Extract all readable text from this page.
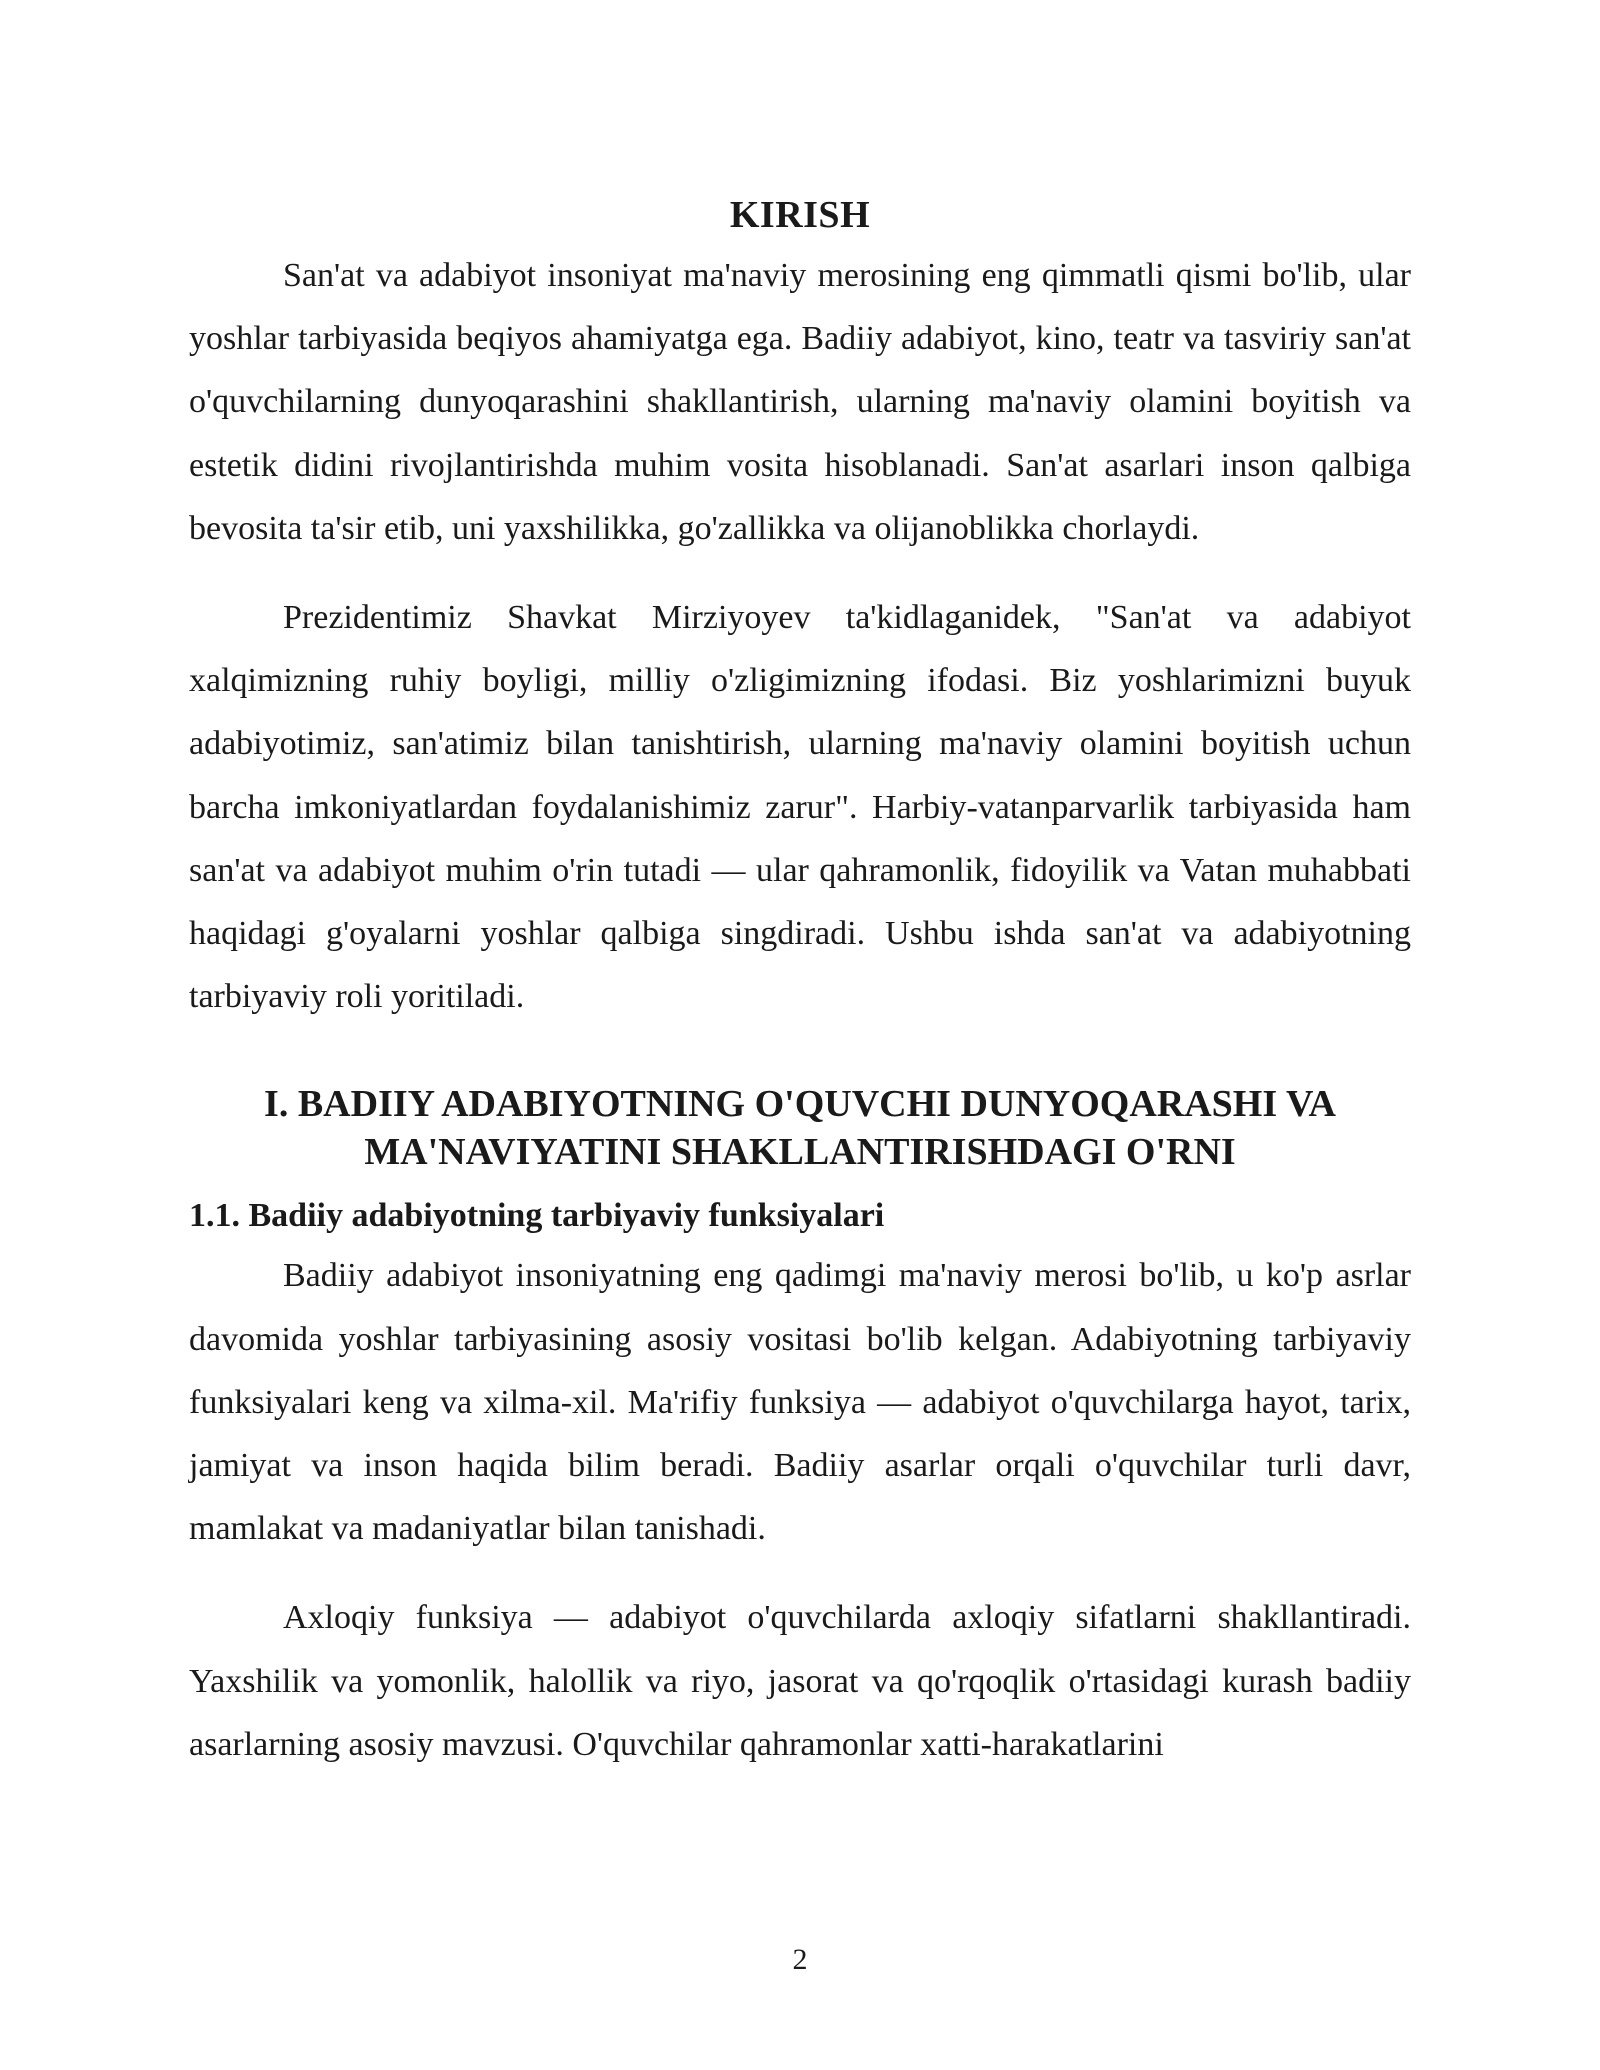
KIRISH

San'at va adabiyot insoniyat ma'naviy merosining eng qimmatli qismi bo'lib, ular yoshlar tarbiyasida beqiyos ahamiyatga ega. Badiiy adabiyot, kino, teatr va tasviriy san'at o'quvchilarning dunyoqarashini shakllantirish, ularning ma'naviy olamini boyitish va estetik didini rivojlantirishda muhim vosita hisoblanadi. San'at asarlari inson qalbiga bevosita ta'sir etib, uni yaxshilikka, go'zallikka va olijanoblikka chorlaydi.

Prezidentimiz Shavkat Mirziyoyev ta'kidlaganidek, "San'at va adabiyot xalqimizning ruhiy boyligi, milliy o'zligimizning ifodasi. Biz yoshlarimizni buyuk adabiyotimiz, san'atimiz bilan tanishtirish, ularning ma'naviy olamini boyitish uchun barcha imkoniyatlardan foydalanishimiz zarur". Harbiy-vatanparvarlik tarbiyasida ham san'at va adabiyot muhim o'rin tutadi — ular qahramonlik, fidoyilik va Vatan muhabbati haqidagi g'oyalarni yoshlar qalbiga singdiradi. Ushbu ishda san'at va adabiyotning tarbiyaviy roli yoritiladi.

I. BADIIY ADABIYOTNING O'QUVCHI DUNYOQARASHI VA
MA'NAVIYATINI SHAKLLANTIRISHDAGI O'RNI
1.1. Badiiy adabiyotning tarbiyaviy funksiyalari

Badiiy adabiyot insoniyatning eng qadimgi ma'naviy merosi bo'lib, u ko'p asrlar davomida yoshlar tarbiyasining asosiy vositasi bo'lib kelgan. Adabiyotning tarbiyaviy funksiyalari keng va xilma-xil. Ma'rifiy funksiya — adabiyot o'quvchilarga hayot, tarix, jamiyat va inson haqida bilim beradi. Badiiy asarlar orqali o'quvchilar turli davr, mamlakat va madaniyatlar bilan tanishadi.

Axloqiy funksiya — adabiyot o'quvchilarda axloqiy sifatlarni shakllantiradi. Yaxshilik va yomonlik, halollik va riyo, jasorat va qo'rqoqlik o'rtasidagi kurash badiiy asarlarning asosiy mavzusi. O'quvchilar qahramonlar xatti-harakatlarini

2
